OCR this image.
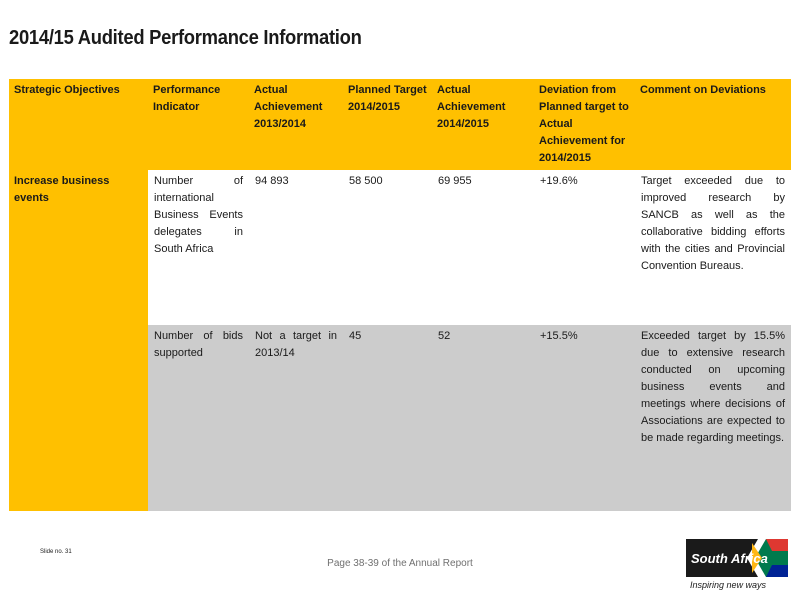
2014/15 Audited Performance Information
Strategic Objectives	Performance Indicator	Actual Achievement 2013/2014	Planned Target 2014/2015	Actual Achievement 2014/2015	Deviation from Planned target to Actual Achievement for 2014/2015	Comment on Deviations
Increase business events	Number of international Business Events delegates in South Africa	94 893	58 500	69 955	+19.6%	Target exceeded due to improved research by SANCB as well as the collaborative bidding efforts with the cities and Provincial Convention Bureaus.
	Number of bids supported	Not a target in 2013/14	45	52	+15.5%	Exceeded target by 15.5% due to extensive research conducted on upcoming business events and meetings where decisions of Associations are expected to be made regarding meetings.
Slide no. 31
Page 38-39 of the Annual Report	South Africa
Inspiring new ways
